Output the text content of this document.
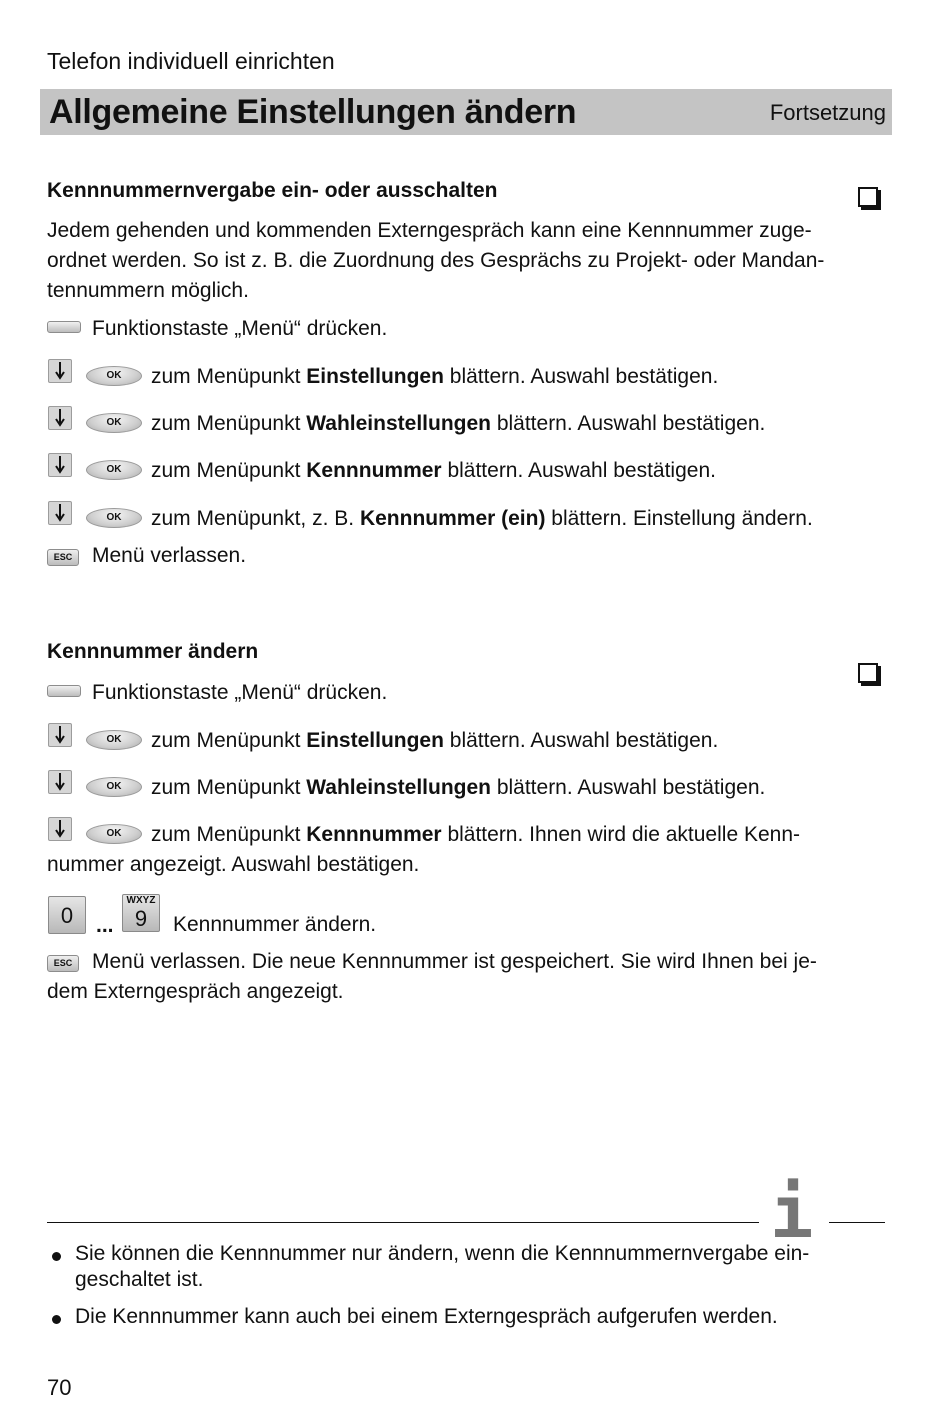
Telefon individuell einrichten
Allgemeine Einstellungen ändern	Fortsetzung
Kennnummernvergabe ein- oder ausschalten
Jedem gehenden und kommenden Externgespräch kann eine Kennnummer zuge-
ordnet werden. So ist z. B. die Zuordnung des Gesprächs zu Projekt- oder Mandan-
tennummern möglich.
Funktionstaste „Menü“ drücken.
OK	zum Menüpunkt Einstellungen blättern. Auswahl bestätigen.
OK	zum Menüpunkt Wahleinstellungen blättern. Auswahl bestätigen.
OK	zum Menüpunkt Kennnummer blättern. Auswahl bestätigen.
OK	zum Menüpunkt, z. B. Kennnummer (ein) blättern. Einstellung ändern.
ESC Menü verlassen.
Kennnummer ändern
Funktionstaste „Menü“ drücken.
OK	zum Menüpunkt Einstellungen blättern. Auswahl bestätigen.
OK	zum Menüpunkt Wahleinstellungen blättern. Auswahl bestätigen.
OK	zum Menüpunkt Kennnummer blättern. Ihnen wird die aktuelle Kenn-
nummer angezeigt. Auswahl bestätigen.
0	...
WXYZ
9	Kennnummer ändern.
ESC Menü verlassen. Die neue Kennnummer ist gespeichert. Sie wird Ihnen bei je-
dem Externgespräch angezeigt.
i
Sie können die Kennnummer nur ändern, wenn die Kennnummernvergabe ein-
geschaltet ist.
Die Kennnummer kann auch bei einem Externgespräch aufgerufen werden.
70
